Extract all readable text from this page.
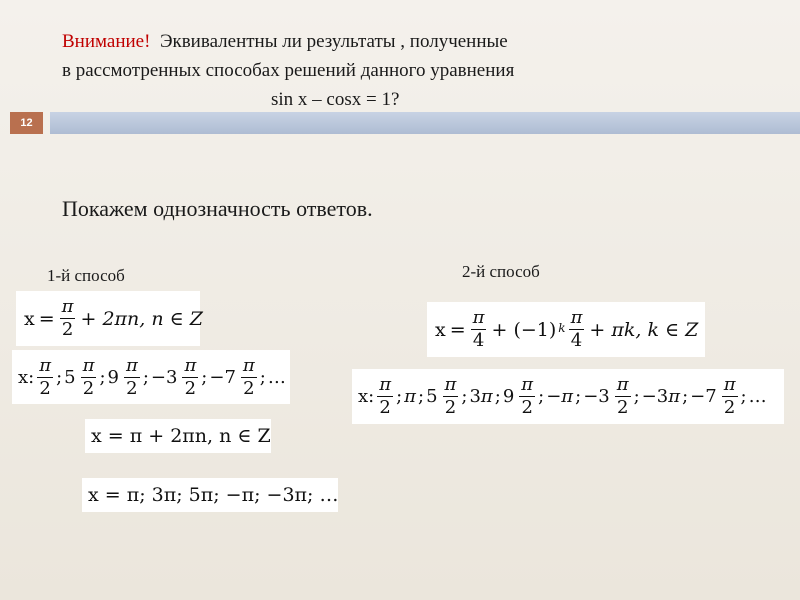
Внимание! Эквивалентны ли результаты , полученные
в рассмотренных способах решений данного уравнения
sin x – cosx = 1?
12
Покажем однозначность ответов.
1-й способ	2-й способ
$x = \frac{\pi}{2} + 2\pi n$, n ∈ Z
x: $\frac{\pi}{2}$ ; $5 \frac{\pi}{2}$ ; $9 \frac{\pi}{2}$ ; $-3 \frac{\pi}{2}$ ; $-7 \frac{\pi}{2}$ ; …
x = π + 2πn, n ∈ Z
x = π; 3π; 5π; −π; −3π; …
$x = \frac{\pi}{4} + (-1)^k \frac{\pi}{4} + \pi k$, k ∈ Z
x: $\frac{\pi}{2}$ ; π ; $5 \frac{\pi}{2}$ ; 3π ; $9 \frac{\pi}{2}$ ; −π ; $-3 \frac{\pi}{2}$ ; −3π ; $-7 \frac{\pi}{2}$ ; …
